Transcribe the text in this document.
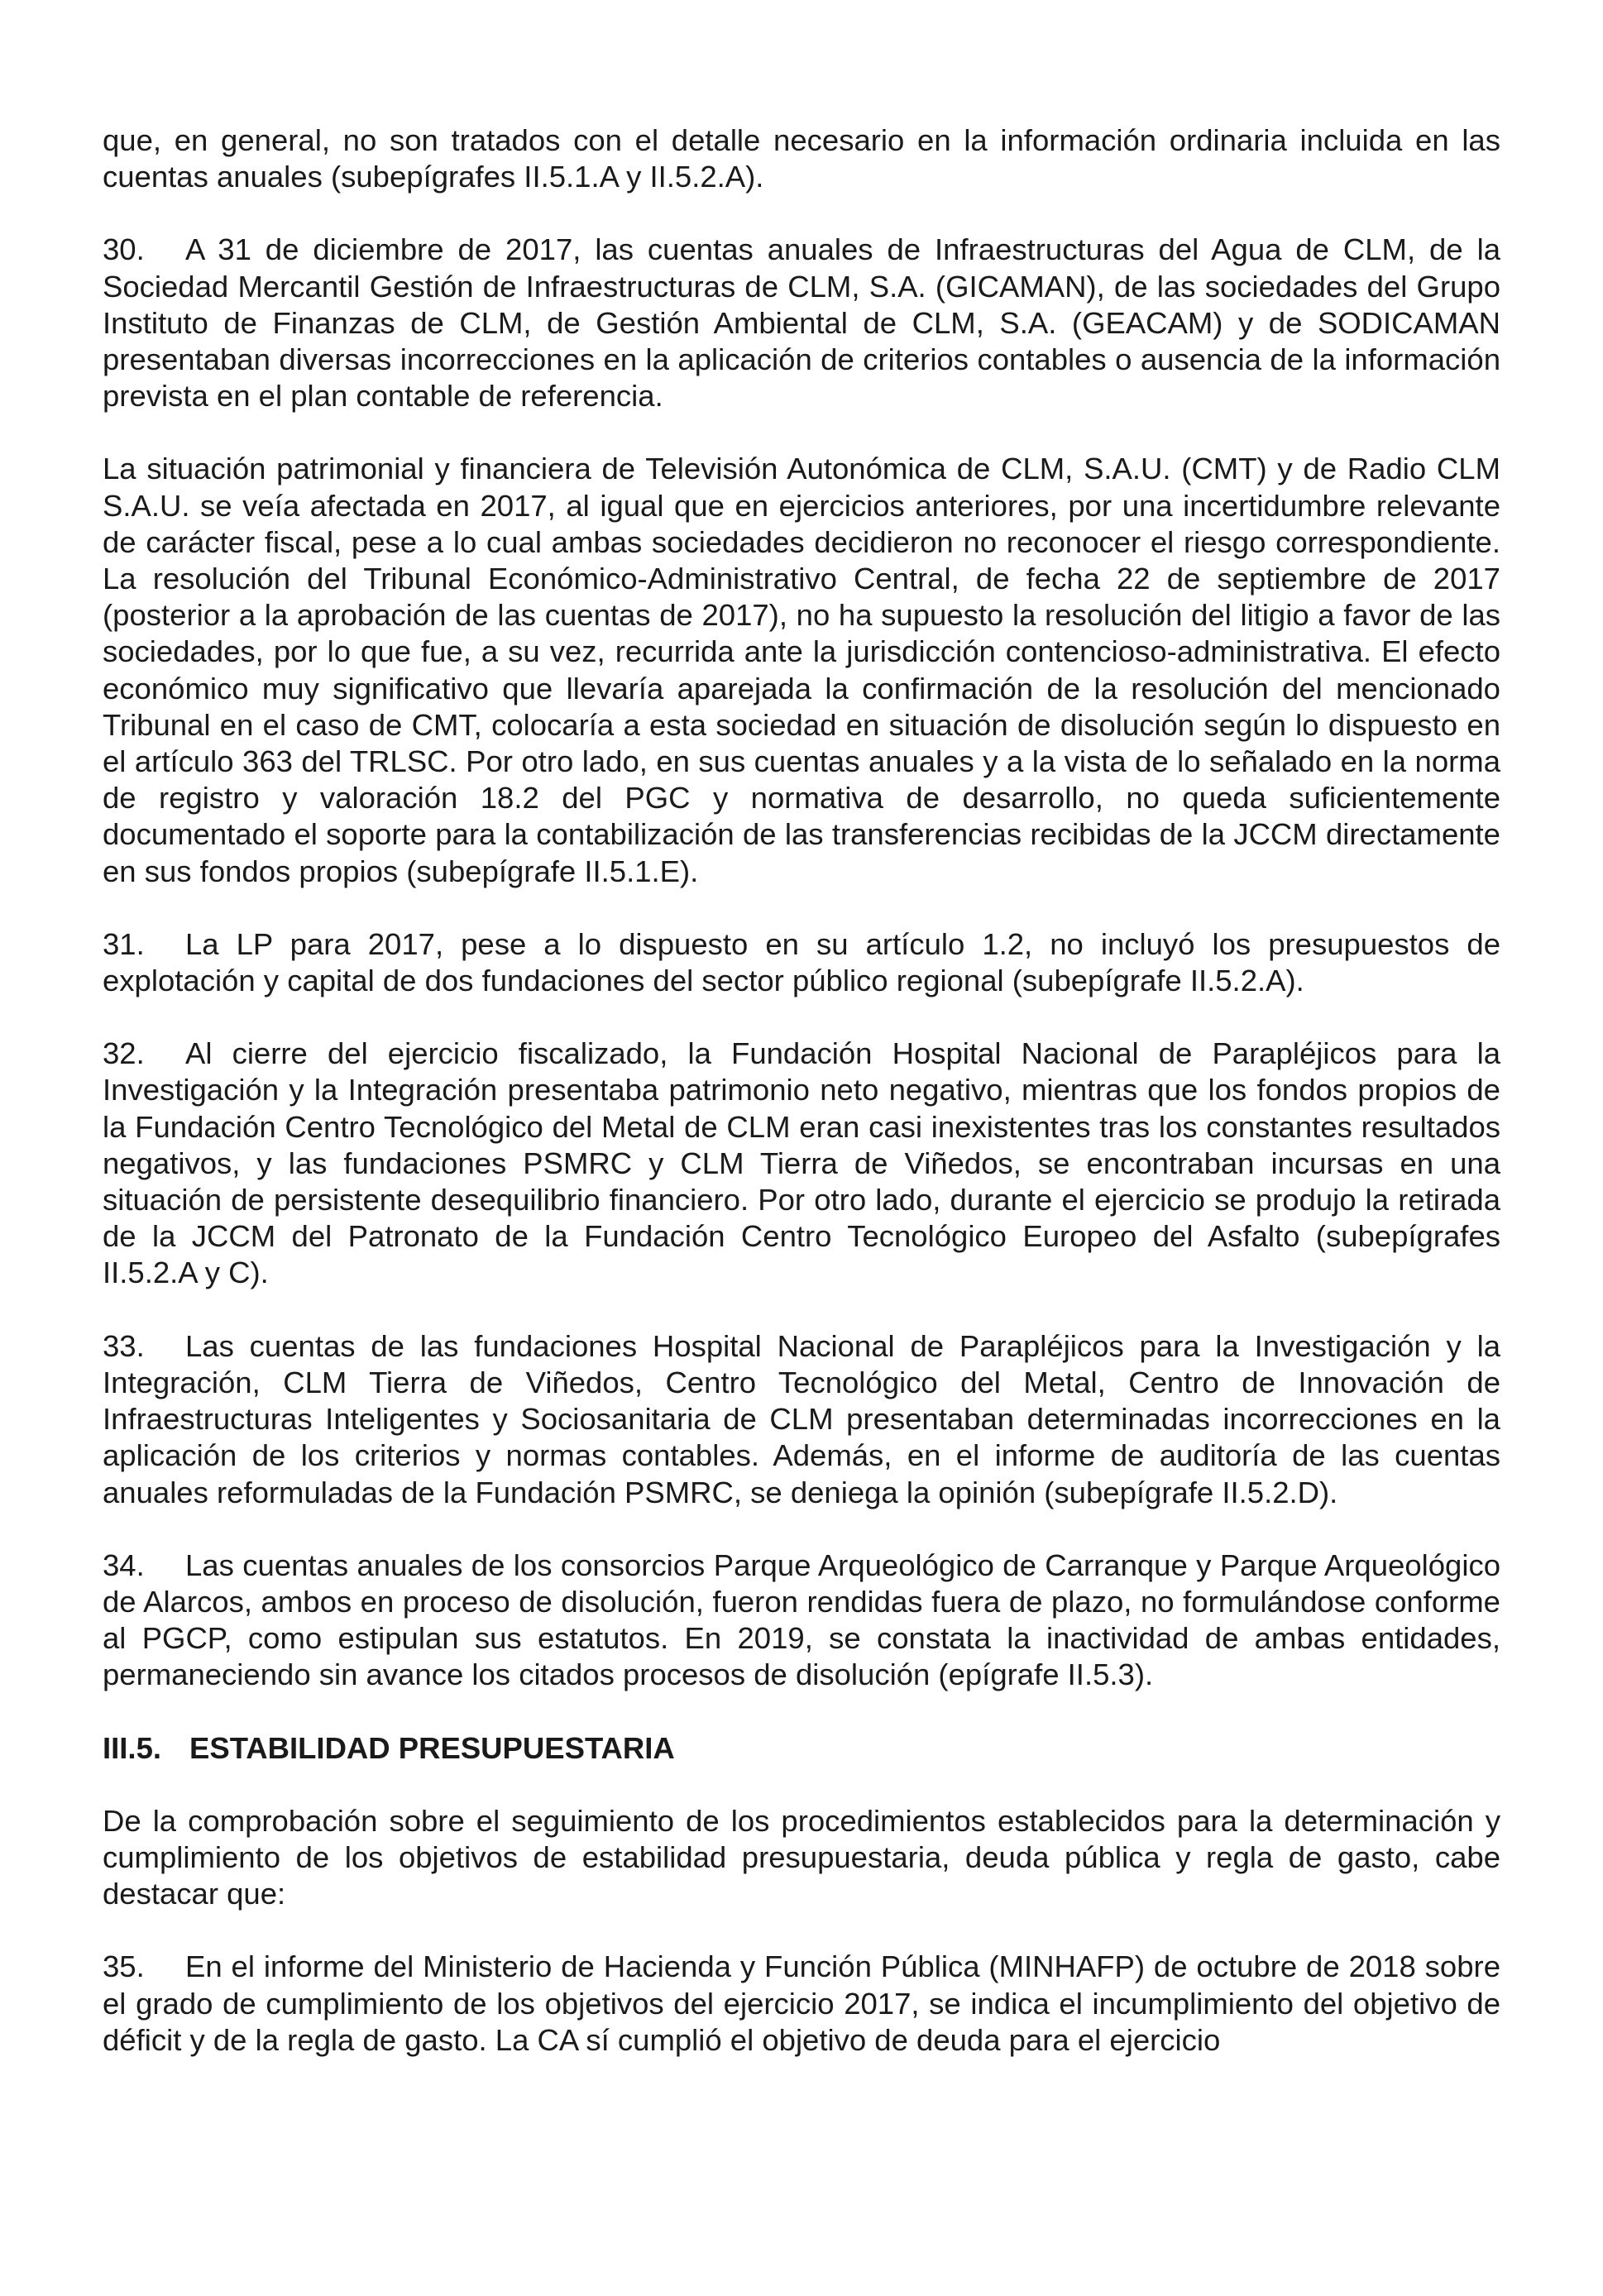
que, en general, no son tratados con el detalle necesario en la información ordinaria incluida en las cuentas anuales (subepígrafes II.5.1.A y II.5.2.A).

30. A 31 de diciembre de 2017, las cuentas anuales de Infraestructuras del Agua de CLM, de la Sociedad Mercantil Gestión de Infraestructuras de CLM, S.A. (GICAMAN), de las sociedades del Grupo Instituto de Finanzas de CLM, de Gestión Ambiental de CLM, S.A. (GEACAM) y de SODICAMAN presentaban diversas incorrecciones en la aplicación de criterios contables o ausencia de la información prevista en el plan contable de referencia.

La situación patrimonial y financiera de Televisión Autonómica de CLM, S.A.U. (CMT) y de Radio CLM S.A.U. se veía afectada en 2017, al igual que en ejercicios anteriores, por una incertidumbre relevante de carácter fiscal, pese a lo cual ambas sociedades decidieron no reconocer el riesgo correspondiente. La resolución del Tribunal Económico-Administrativo Central, de fecha 22 de septiembre de 2017 (posterior a la aprobación de las cuentas de 2017), no ha supuesto la resolución del litigio a favor de las sociedades, por lo que fue, a su vez, recurrida ante la jurisdicción contencioso-administrativa. El efecto económico muy significativo que llevaría aparejada la confirmación de la resolución del mencionado Tribunal en el caso de CMT, colocaría a esta sociedad en situación de disolución según lo dispuesto en el artículo 363 del TRLSC. Por otro lado, en sus cuentas anuales y a la vista de lo señalado en la norma de registro y valoración 18.2 del PGC y normativa de desarrollo, no queda suficientemente documentado el soporte para la contabilización de las transferencias recibidas de la JCCM directamente en sus fondos propios (subepígrafe II.5.1.E).

31. La LP para 2017, pese a lo dispuesto en su artículo 1.2, no incluyó los presupuestos de explotación y capital de dos fundaciones del sector público regional (subepígrafe II.5.2.A).

32. Al cierre del ejercicio fiscalizado, la Fundación Hospital Nacional de Parapléjicos para la Investigación y la Integración presentaba patrimonio neto negativo, mientras que los fondos propios de la Fundación Centro Tecnológico del Metal de CLM eran casi inexistentes tras los constantes resultados negativos, y las fundaciones PSMRC y CLM Tierra de Viñedos, se encontraban incursas en una situación de persistente desequilibrio financiero. Por otro lado, durante el ejercicio se produjo la retirada de la JCCM del Patronato de la Fundación Centro Tecnológico Europeo del Asfalto (subepígrafes II.5.2.A y C).

33. Las cuentas de las fundaciones Hospital Nacional de Parapléjicos para la Investigación y la Integración, CLM Tierra de Viñedos, Centro Tecnológico del Metal, Centro de Innovación de Infraestructuras Inteligentes y Sociosanitaria de CLM presentaban determinadas incorrecciones en la aplicación de los criterios y normas contables. Además, en el informe de auditoría de las cuentas anuales reformuladas de la Fundación PSMRC, se deniega la opinión (subepígrafe II.5.2.D).

34. Las cuentas anuales de los consorcios Parque Arqueológico de Carranque y Parque Arqueológico de Alarcos, ambos en proceso de disolución, fueron rendidas fuera de plazo, no formulándose conforme al PGCP, como estipulan sus estatutos. En 2019, se constata la inactividad de ambas entidades, permaneciendo sin avance los citados procesos de disolución (epígrafe II.5.3).

III.5. ESTABILIDAD PRESUPUESTARIA

De la comprobación sobre el seguimiento de los procedimientos establecidos para la determinación y cumplimiento de los objetivos de estabilidad presupuestaria, deuda pública y regla de gasto, cabe destacar que:

35. En el informe del Ministerio de Hacienda y Función Pública (MINHAFP) de octubre de 2018 sobre el grado de cumplimiento de los objetivos del ejercicio 2017, se indica el incumplimiento del objetivo de déficit y de la regla de gasto. La CA sí cumplió el objetivo de deuda para el ejercicio
